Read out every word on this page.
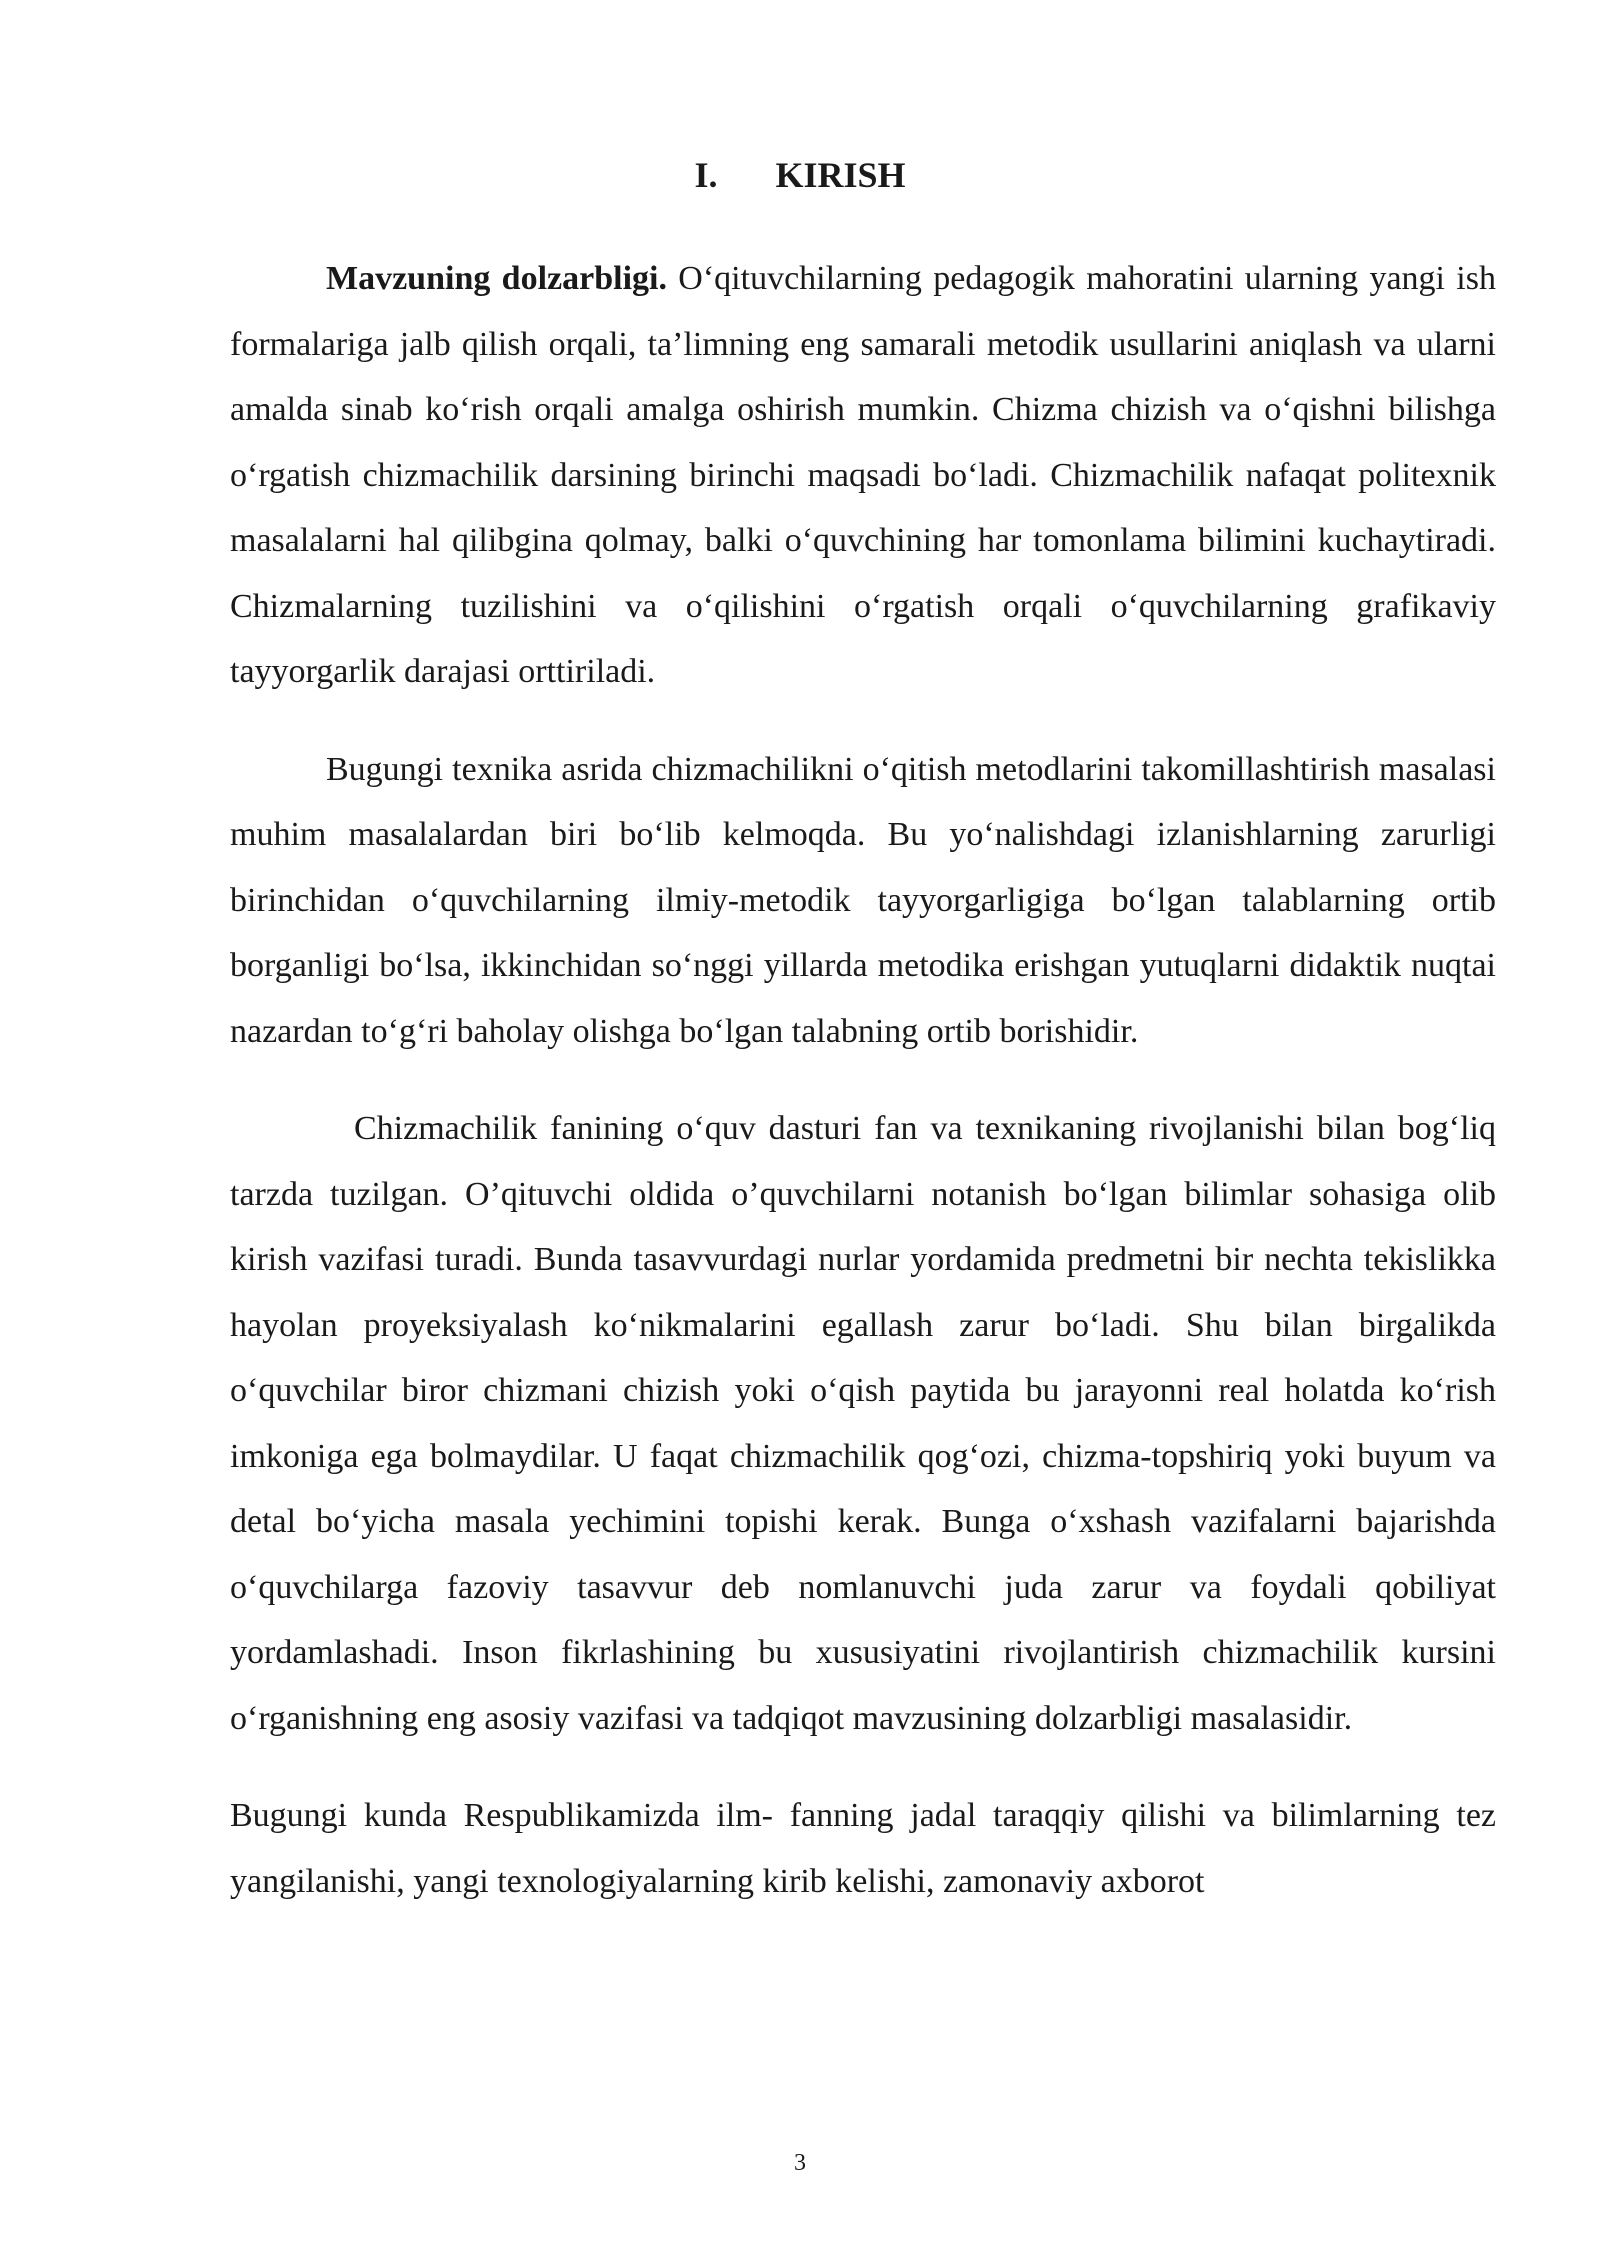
I. KIRISH

Mavzuning dolzarbligi. O‘qituvchilarning pedagogik mahoratini ularning yangi ish formalariga jalb qilish orqali, ta’limning eng samarali metodik usullarini aniqlash va ularni amalda sinab ko‘rish orqali amalga oshirish mumkin. Chizma chizish va o‘qishni bilishga o‘rgatish chizmachilik darsining birinchi maqsadi bo‘ladi. Chizmachilik nafaqat politexnik masalalarni hal qilibgina qolmay, balki o‘quvchining har tomonlama bilimini kuchaytiradi. Chizmalarning tuzilishini va o‘qilishini o‘rgatish orqali o‘quvchilarning grafikaviy tayyorgarlik darajasi orttiriladi.

Bugungi texnika asrida chizmachilikni o‘qitish metodlarini takomillashtirish masalasi muhim masalalardan biri bo‘lib kelmoqda. Bu yo‘nalishdagi izlanishlarning zarurligi birinchidan o‘quvchilarning ilmiy-metodik tayyorgarligiga bo‘lgan talablarning ortib borganligi bo‘lsa, ikkinchidan so‘nggi yillarda metodika erishgan yutuqlarni didaktik nuqtai nazardan to‘g‘ri baholay olishga bo‘lgan talabning ortib borishidir.

Chizmachilik fanining o‘quv dasturi fan va texnikaning rivojlanishi bilan bog‘liq tarzda tuzilgan. O’qituvchi oldida o’quvchilarni notanish bo‘lgan bilimlar sohasiga olib kirish vazifasi turadi. Bunda tasavvurdagi nurlar yordamida predmetni bir nechta tekislikka hayolan proyeksiyalash ko‘nikmalarini egallash zarur bo‘ladi. Shu bilan birgalikda o‘quvchilar biror chizmani chizish yoki o‘qish paytida bu jarayonni real holatda ko‘rish imkoniga ega bolmaydilar. U faqat chizmachilik qog‘ozi, chizma-topshiriq yoki buyum va detal bo‘yicha masala yechimini topishi kerak. Bunga o‘xshash vazifalarni bajarishda o‘quvchilarga fazoviy tasavvur deb nomlanuvchi juda zarur va foydali qobiliyat yordamlashadi. Inson fikrlashining bu xususiyatini rivojlantirish chizmachilik kursini o‘rganishning eng asosiy vazifasi va tadqiqot mavzusining dolzarbligi masalasidir.

Bugungi kunda Respublikamizda ilm- fanning jadal taraqqiy qilishi va bilimlarning tez yangilanishi, yangi texnologiyalarning kirib kelishi, zamonaviy axborot

3
